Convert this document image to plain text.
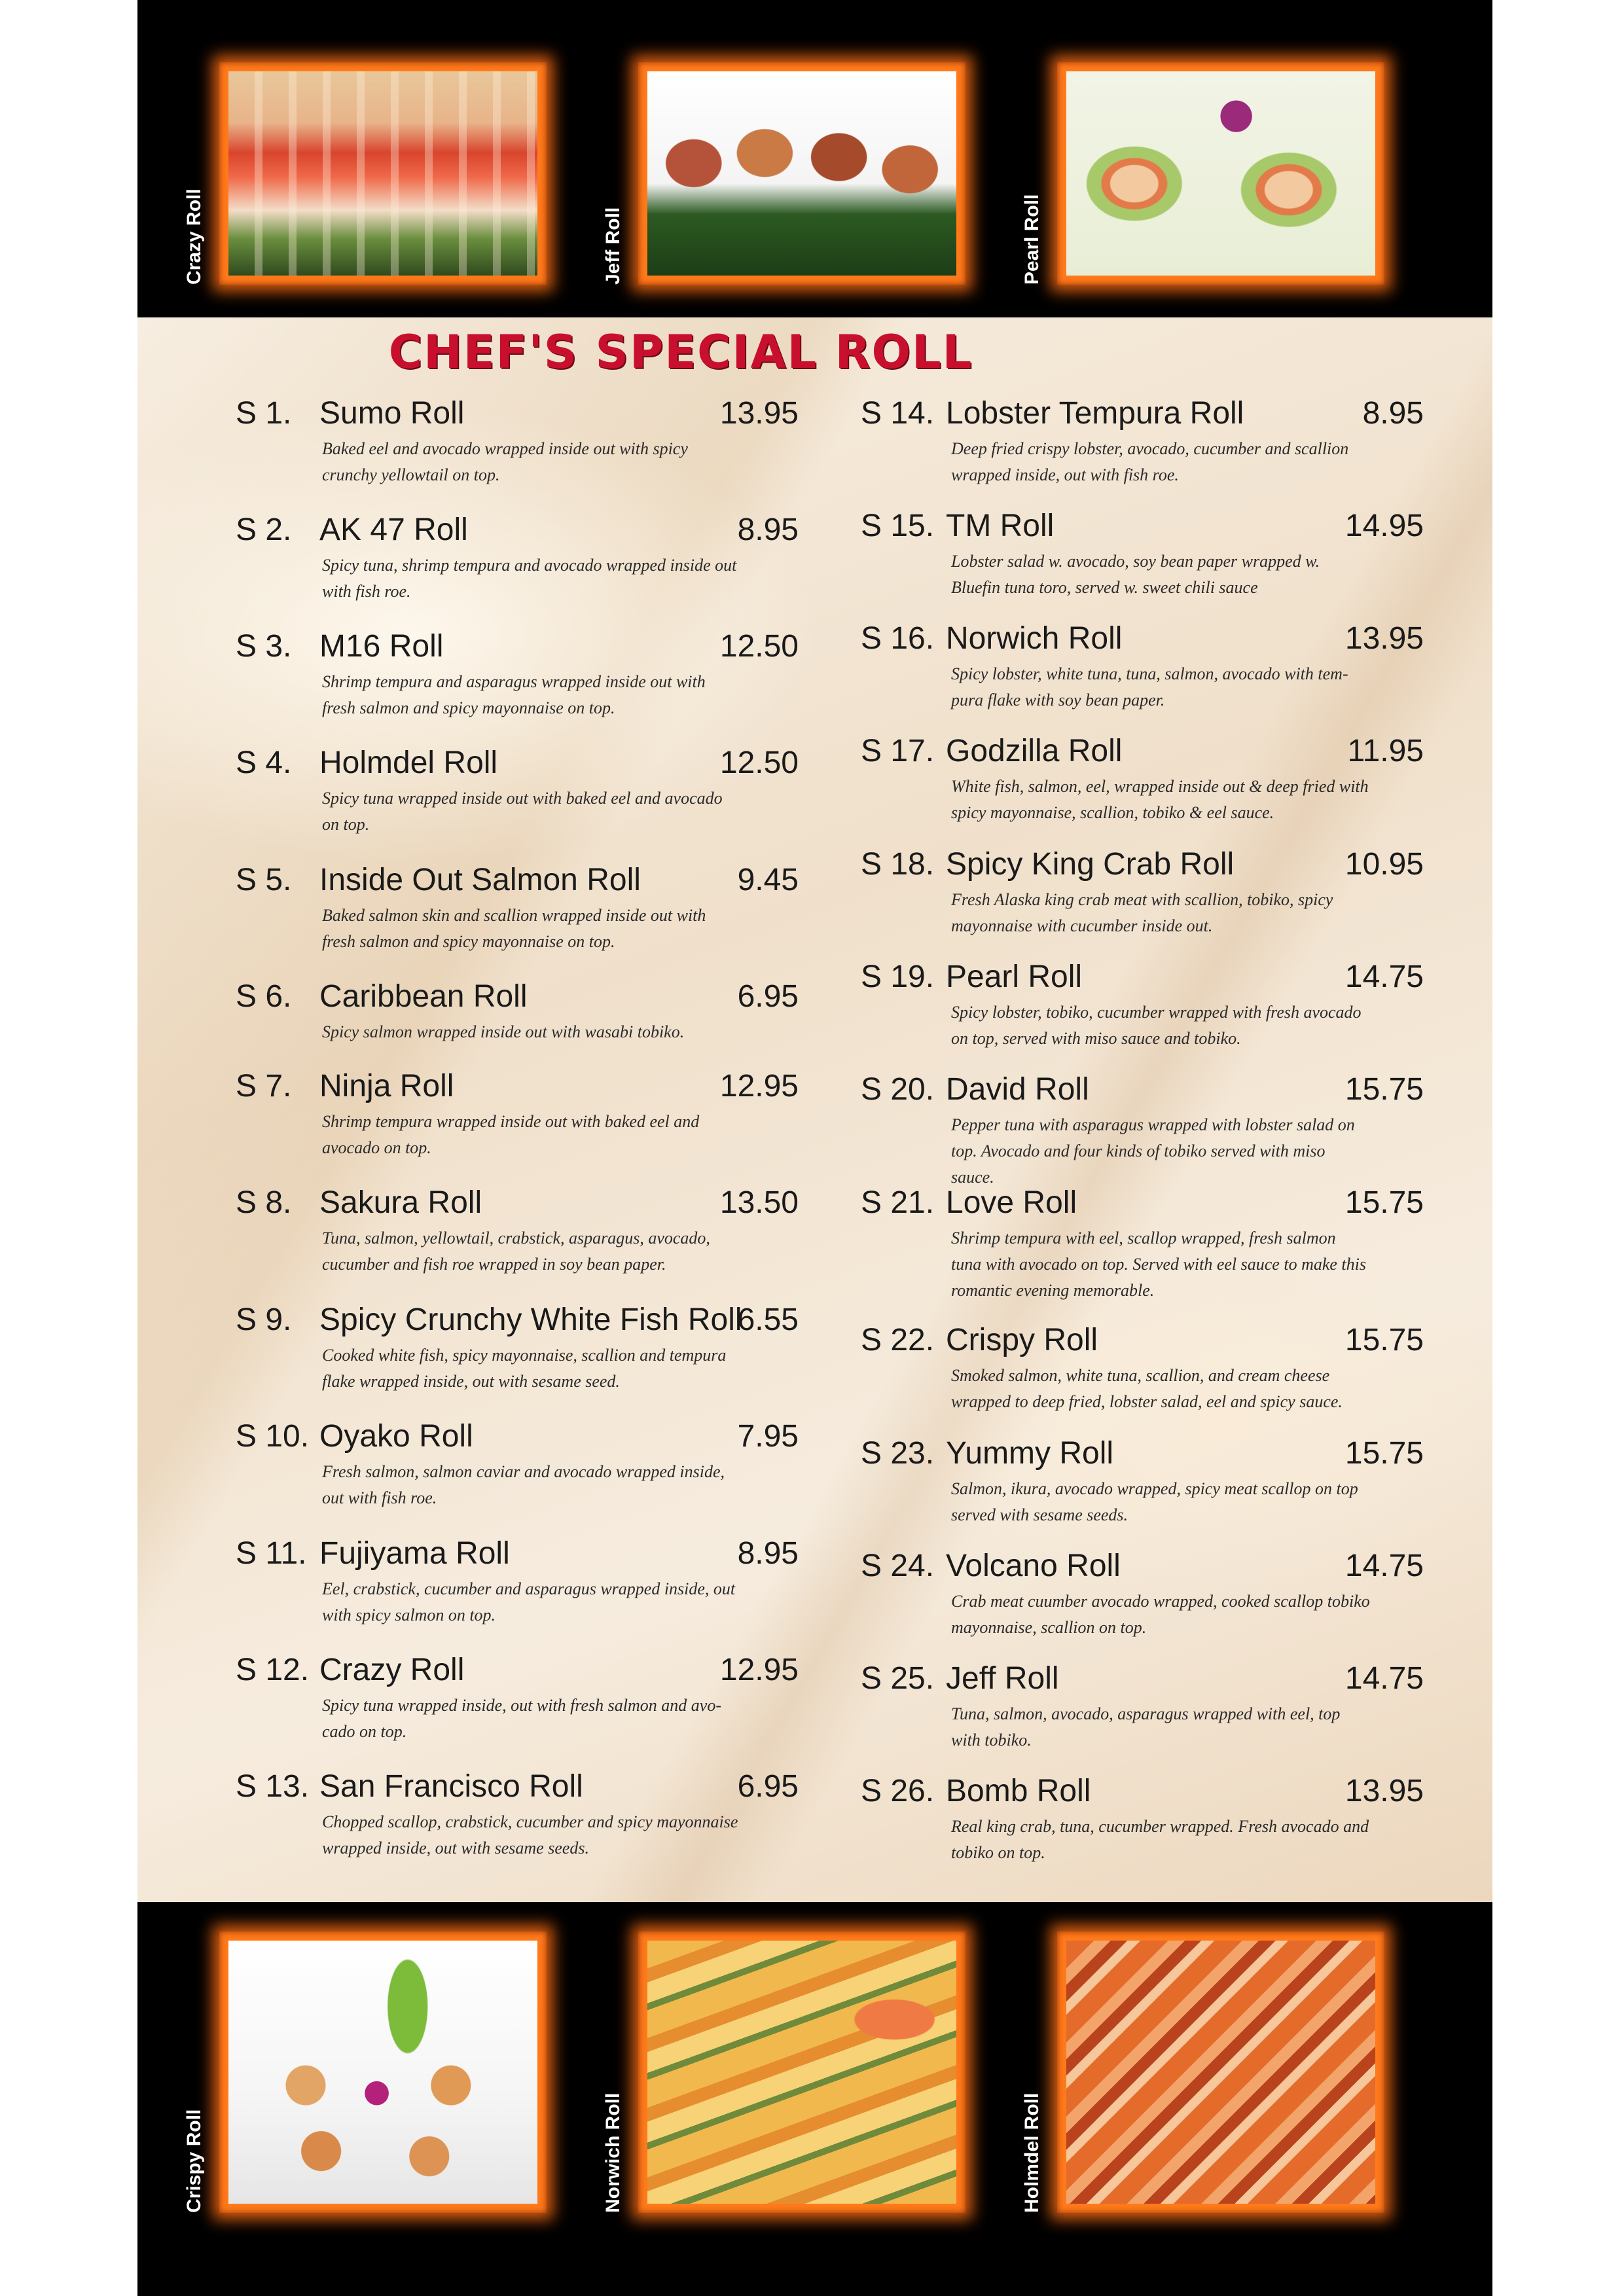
Crazy Roll	Jeff Roll	Pearl Roll
CHEF'S SPECIAL ROLL
S 1. Sumo Roll	13.95
Baked eel and avocado wrapped inside out with spicy crunchy yellowtail on top.
S 2. AK 47 Roll	8.95
Spicy tuna, shrimp tempura and avocado wrapped inside out with fish roe.
S 3. M16 Roll	12.50
Shrimp tempura and asparagus wrapped inside out with fresh salmon and spicy mayonnaise on top.
S 4. Holmdel Roll	12.50
Spicy tuna wrapped inside out with baked eel and avocado on top.
S 5. Inside Out Salmon Roll	9.45
Baked salmon skin and scallion wrapped inside out with fresh salmon and spicy mayonnaise on top.
S 6. Caribbean Roll	6.95
Spicy salmon wrapped inside out with wasabi tobiko.
S 7. Ninja Roll	12.95
Shrimp tempura wrapped inside out with baked eel and avocado on top.
S 8. Sakura Roll	13.50
Tuna, salmon, yellowtail, crabstick, asparagus, avocado, cucumber and fish roe wrapped in soy bean paper.
S 9. Spicy Crunchy White Fish Roll
6.55
Cooked white fish, spicy mayonnaise, scallion and tempura flake wrapped inside, out with sesame seed.
S 10. Oyako Roll	7.95
Fresh salmon, salmon caviar and avocado wrapped inside, out with fish roe.
S 11. Fujiyama Roll	8.95
Eel, crabstick, cucumber and asparagus wrapped inside, out with spicy salmon on top.
S 12. Crazy Roll	12.95
Spicy tuna wrapped inside, out with fresh salmon and avo-cado on top.
S 13. San Francisco Roll	6.95
Chopped scallop, crabstick, cucumber and spicy mayonnaise wrapped inside, out with sesame seeds.
S 14. Lobster Tempura Roll	8.95
Deep fried crispy lobster, avocado, cucumber and scallion wrapped inside, out with fish roe.
S 15. TM Roll	14.95
Lobster salad w. avocado, soy bean paper wrapped w. Bluefin tuna toro, served w. sweet chili sauce
S 16. Norwich Roll	13.95
Spicy lobster, white tuna, tuna, salmon, avocado with tem-pura flake with soy bean paper.
S 17. Godzilla Roll	11.95
White fish, salmon, eel, wrapped inside out & deep fried with spicy mayonnaise, scallion, tobiko & eel sauce.
S 18. Spicy King Crab Roll	10.95
Fresh Alaska king crab meat with scallion, tobiko, spicy mayonnaise with cucumber inside out.
S 19. Pearl Roll	14.75
Spicy lobster, tobiko, cucumber wrapped with fresh avocado on top, served with miso sauce and tobiko.
S 20. David Roll	15.75
Pepper tuna with asparagus wrapped with lobster salad on top. Avocado and four kinds of tobiko served with miso sauce.
S 21. Love Roll	15.75
Shrimp tempura with eel, scallop wrapped, fresh salmon tuna with avocado on top. Served with eel sauce to make this romantic evening memorable.
S 22. Crispy Roll	15.75
Smoked salmon, white tuna, scallion, and cream cheese wrapped to deep fried, lobster salad, eel and spicy sauce.
S 23. Yummy Roll	15.75
Salmon, ikura, avocado wrapped, spicy meat scallop on top served with sesame seeds.
S 24. Volcano Roll	14.75
Crab meat cuumber avocado wrapped, cooked scallop tobiko mayonnaise, scallion on top.
S 25. Jeff Roll	14.75
Tuna, salmon, avocado, asparagus wrapped with eel, top with tobiko.
S 26. Bomb Roll	13.95
Real king crab, tuna, cucumber wrapped. Fresh avocado and tobiko on top.
Crispy Roll	Norwich Roll	Holmdel Roll
